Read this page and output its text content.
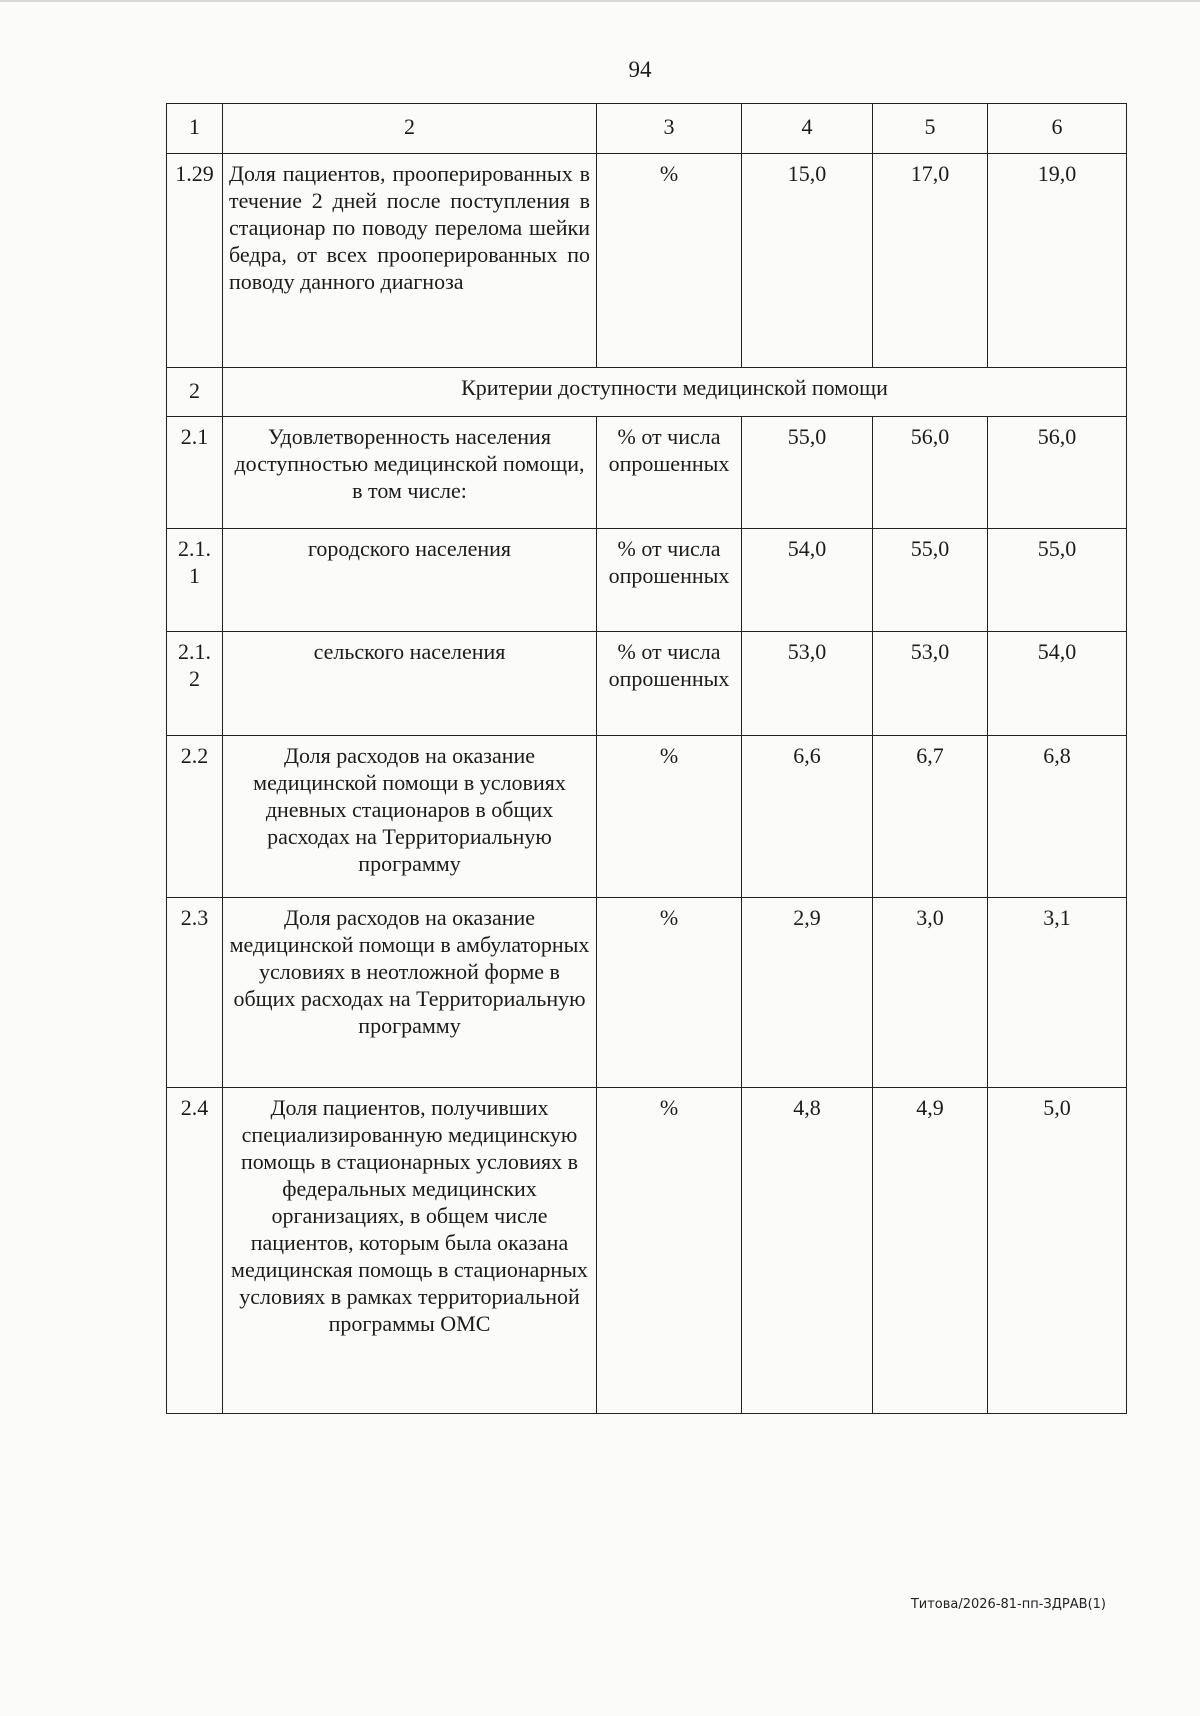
94
1	2	3	4	5	6
1.29	Доля пациентов, прооперированных в течение 2 дней после поступления в стационар по поводу перелома шейки бедра, от всех прооперированных по поводу данного диагноза	%	15,0	17,0	19,0
2	Критерии доступности медицинской помощи				
2.1	Удовлетворенность населения доступностью медицинской помощи, в том числе:	% от числа опрошенных	55,0	56,0	56,0
2.1.1	городского населения	% от числа опрошенных	54,0	55,0	55,0
2.1.2	сельского населения	% от числа опрошенных	53,0	53,0	54,0
2.2	Доля расходов на оказание медицинской помощи в условиях дневных стационаров в общих расходах на Территориальную программу	%	6,6	6,7	6,8
2.3	Доля расходов на оказание медицинской помощи в амбулаторных условиях в неотложной форме в общих расходах на Территориальную программу	%	2,9	3,0	3,1
2.4	Доля пациентов, получивших специализированную медицинскую помощь в стационарных условиях в федеральных медицинских организациях, в общем числе пациентов, которым была оказана медицинская помощь в стационарных условиях в рамках территориальной программы ОМС	%	4,8	4,9	5,0
Титова/2026-81-пп-ЗДРАВ(1)
